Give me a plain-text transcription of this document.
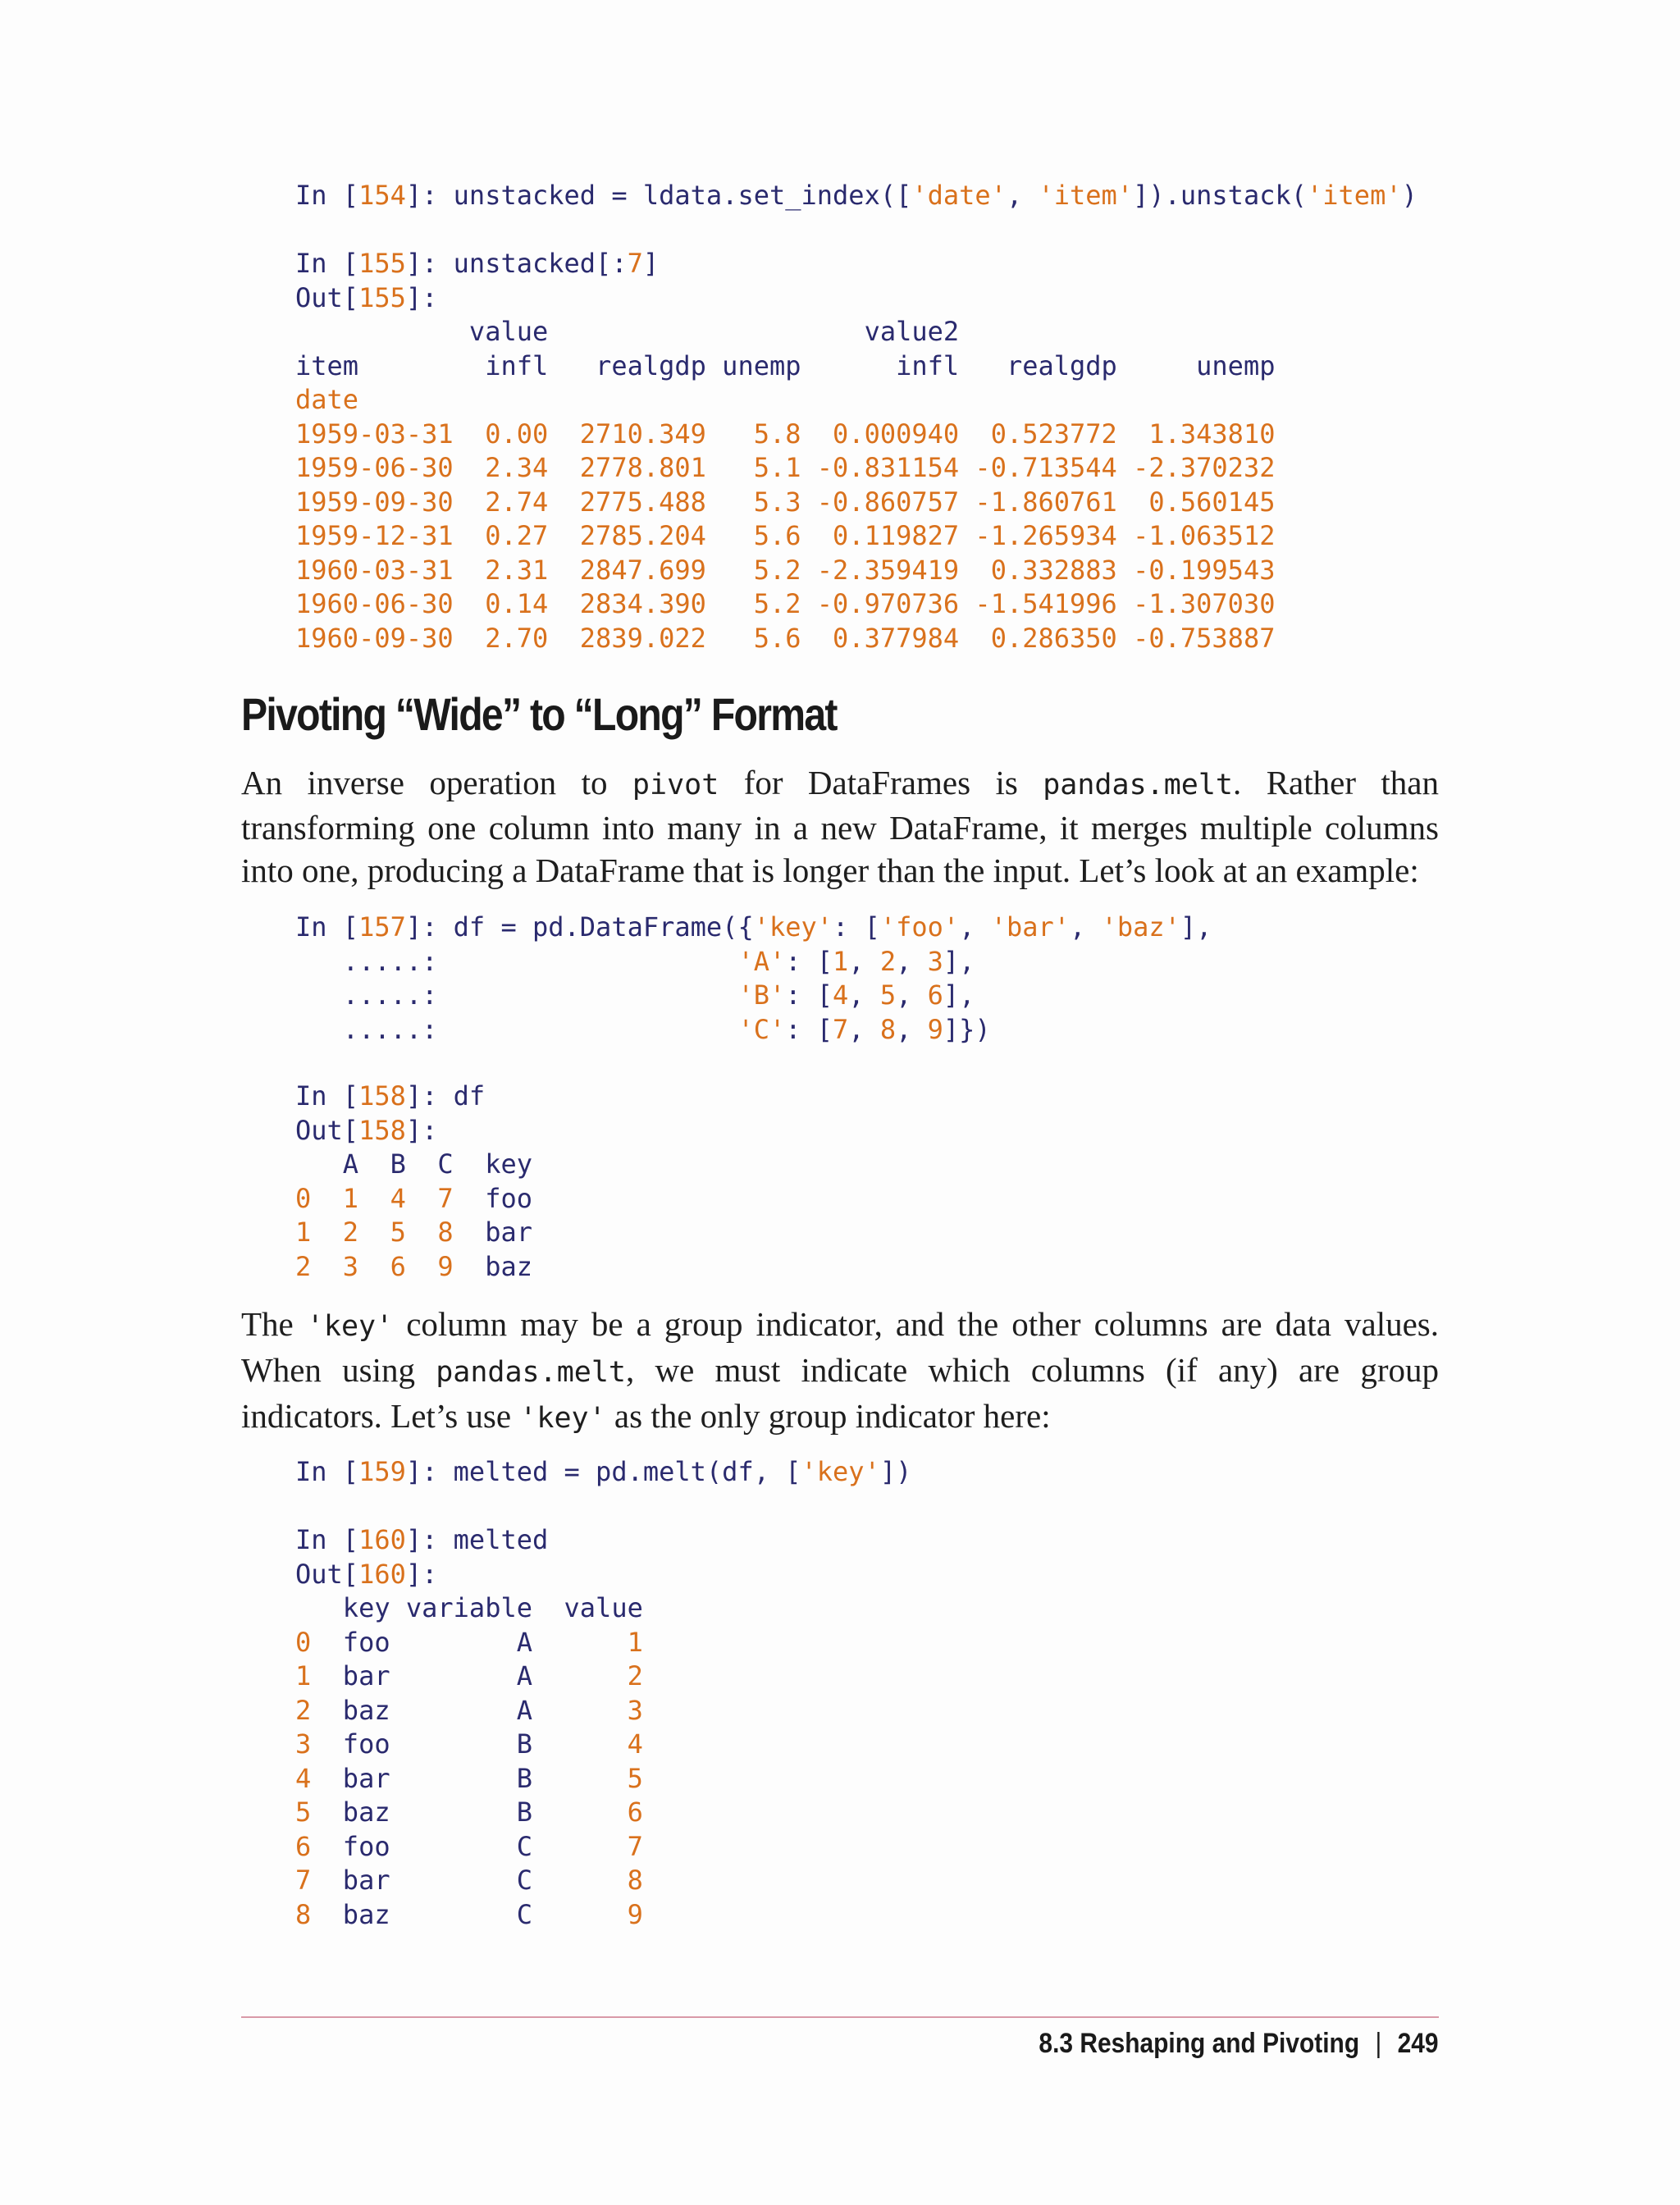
In [154]: unstacked = ldata.set_index(['date', 'item']).unstack('item')

In [155]: unstacked[:7]
Out[155]:
value                    value2
item        infl   realgdp unemp      infl   realgdp     unemp
date
1959-03-31  0.00  2710.349   5.8  0.000940  0.523772  1.343810
1959-06-30  2.34  2778.801   5.1 -0.831154 -0.713544 -2.370232
1959-09-30  2.74  2775.488   5.3 -0.860757 -1.860761  0.560145
1959-12-31  0.27  2785.204   5.6  0.119827 -1.265934 -1.063512
1960-03-31  2.31  2847.699   5.2 -2.359419  0.332883 -0.199543
1960-06-30  0.14  2834.390   5.2 -0.970736 -1.541996 -1.307030
1960-09-30  2.70  2839.022   5.6  0.377984  0.286350 -0.753887
Pivoting “Wide” to “Long” Format

An inverse operation to pivot for DataFrames is pandas.melt. Rather than transforming one column into many in a new DataFrame, it merges multiple columns into one, producing a DataFrame that is longer than the input. Let’s look at an example:

In [157]: df = pd.DataFrame({'key': ['foo', 'bar', 'baz'],
.....:                   'A': [1, 2, 3],
.....:                   'B': [4, 5, 6],
.....:                   'C': [7, 8, 9]})
In [158]: df
Out[158]:
A  B  C  key
0  1  4  7  foo
1  2  5  8  bar
2  3  6  9  baz

The 'key' column may be a group indicator, and the other columns are data values. When using pandas.melt, we must indicate which columns (if any) are group indicators. Let’s use 'key' as the only group indicator here:

In [159]: melted = pd.melt(df, ['key'])
In [160]: melted
Out[160]:
key variable  value
0 foo	A	1
1 bar	A	2
2 baz	A	3
3 foo	B	4
4 bar	B	5
5 baz	B	6
6 foo	C	7
7 bar	C	8
8 baz	C	9
8.3 Reshaping and Pivoting | 249
